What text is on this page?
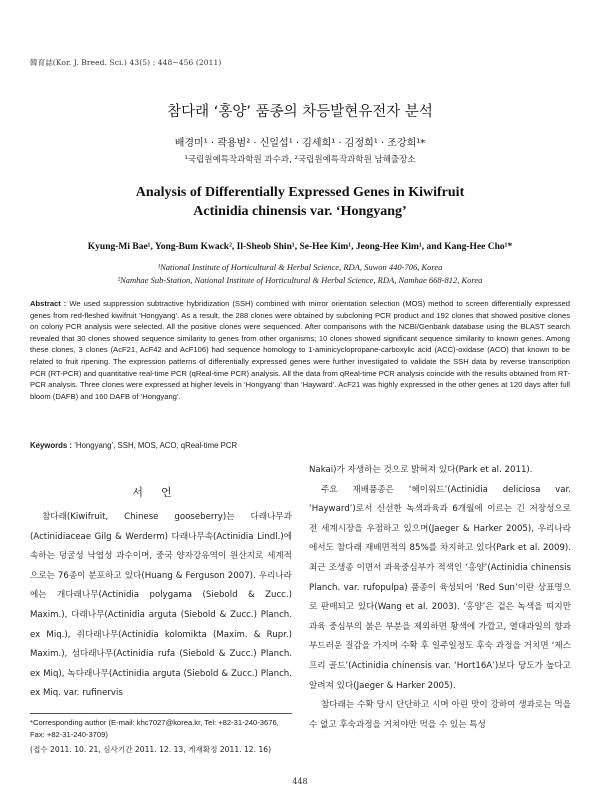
韓育誌(Kor. J. Breed. Sci.) 43(5) : 448~456 (2011)
참다래 ‘홍양’ 품종의 차등발현유전자 분석
배경미¹ · 곽용범² · 신일섭¹ · 김세희¹ · 김정희¹ · 조강희¹*
¹국립원예특작과학원 과수과, ²국립원예특작과학원 남해출장소
Analysis of Differentially Expressed Genes in Kiwifruit
Actinidia chinensis var. ‘Hongyang’
Kyung-Mi Bae¹, Yong-Bum Kwack², Il-Sheob Shin¹, Se-Hee Kim¹, Jeong-Hee Kim¹, and Kang-Hee Cho¹*
¹National Institute of Horticultural & Herbal Science, RDA, Suwon 440-706, Korea
²Namhae Sub-Station, National Institute of Horticultural & Herbal Science, RDA, Namhae 668-812, Korea
Abstract : We used suppression subtractive hybridization (SSH) combined with mirror orientation selection (MOS) method to screen differentially expressed genes from red-fleshed kiwifruit ‘Hongyang’. As a result, the 288 clones were obtained by subcloning PCR product and 192 clones that showed positive clones on colony PCR analysis were selected. All the positive clones were sequenced. After comparisons with the NCBI/Genbank database using the BLAST search revealed that 30 clones showed sequence similarity to genes from other organisms; 10 clones showed significant sequence similarity to known genes. Among these clones, 3 clones (AcF21, AcF42 and AcF106) had sequence homology to 1-aminicyclopropane-carboxylic acid (ACC)-oxidase (ACO) that known to be related to fruit ripening. The expression patterns of differentially expressed genes were further investigated to validate the SSH data by reverse transcription PCR (RT-PCR) and quantitative real-time PCR (qReal-time PCR) analysis. All the data from qReal-time PCR analysis coincide with the results obtained from RT-PCR analysis. Three clones were expressed at higher levels in ‘Hongyang’ than ‘Hayward’. AcF21 was highly expressed in the other genes at 120 days after full bloom (DAFB) and 160 DAFB of ‘Hongyang’.
Keywords : ‘Hongyang’, SSH, MOS, ACO, qReal-time PCR
서언

참다래(Kiwifruit, Chinese gooseberry)는 다래나무과(Actinidiaceae Gilg & Werderm) 다래나무속(Actinidia Lindl.)에 속하는 덩굴성 낙엽성 과수이며, 중국 양자강유역이 원산지로 세계적으로는 76종이 분포하고 있다(Huang & Ferguson 2007). 우리나라에는 개다래나무(Actinidia polygama (Siebold & Zucc.) Maxim.), 다래나무(Actinidia arguta (Siebold & Zucc.) Planch. ex Miq.), 쥐다래나무(Actinidia kolomikta (Maxim. & Rupr.) Maxim.), 섬다래나무(Actinidia rufa (Siebold & Zucc.) Planch. ex Miq), 녹다래나무(Actinidia arguta (Siebold & Zucc.) Planch. ex Miq. var. rufinervis

*Corresponding author (E-mail: khc7027@korea.kr, Tel: +82-31-240-3676, Fax: +82-31-240-3709)
(접수 2011. 10. 21, 심사기간 2011. 12. 13, 게재확정 2011. 12. 16)

Nakai)가 자생하는 것으로 밝혀져 있다(Park et al. 2011).

주요 재배품종은 ‘헤이워드’(Actinidia deliciosa var. ‘Hayward’)로서 신선한 녹색과육과 6개월에 이르는 긴 저장성으로 전 세계시장을 우점하고 있으며(Jaeger & Harker 2005), 우리나라에서도 참다래 재배면적의 85%를 차지하고 있다(Park et al. 2009). 최근 조생종 이면서 과육중심부가 적색인 ‘홍양’(Actinidia chinensis Planch. var. rufopulpa) 품종이 육성되어 ‘Red Sun’이란 상표명으로 판매되고 있다(Wang et al. 2003). ‘홍양’은 겉은 녹색을 띠지만 과육 중심부의 붉은 부분을 제외하면 황색에 가깝고, 열대과일의 향과 부드러운 질감을 가지며 수확 후 일주일정도 후숙 과정을 거치면 ‘제스프리 골드’(Actinidia chinensis var. ‘Hort16A’)보다 당도가 높다고 알려져 있다(Jaeger & Harker 2005).

참다래는 수확 당시 단단하고 시며 아린 맛이 강하여 생과로는 먹을 수 없고 후숙과정을 거쳐야만 먹을 수 있는 특성

448
